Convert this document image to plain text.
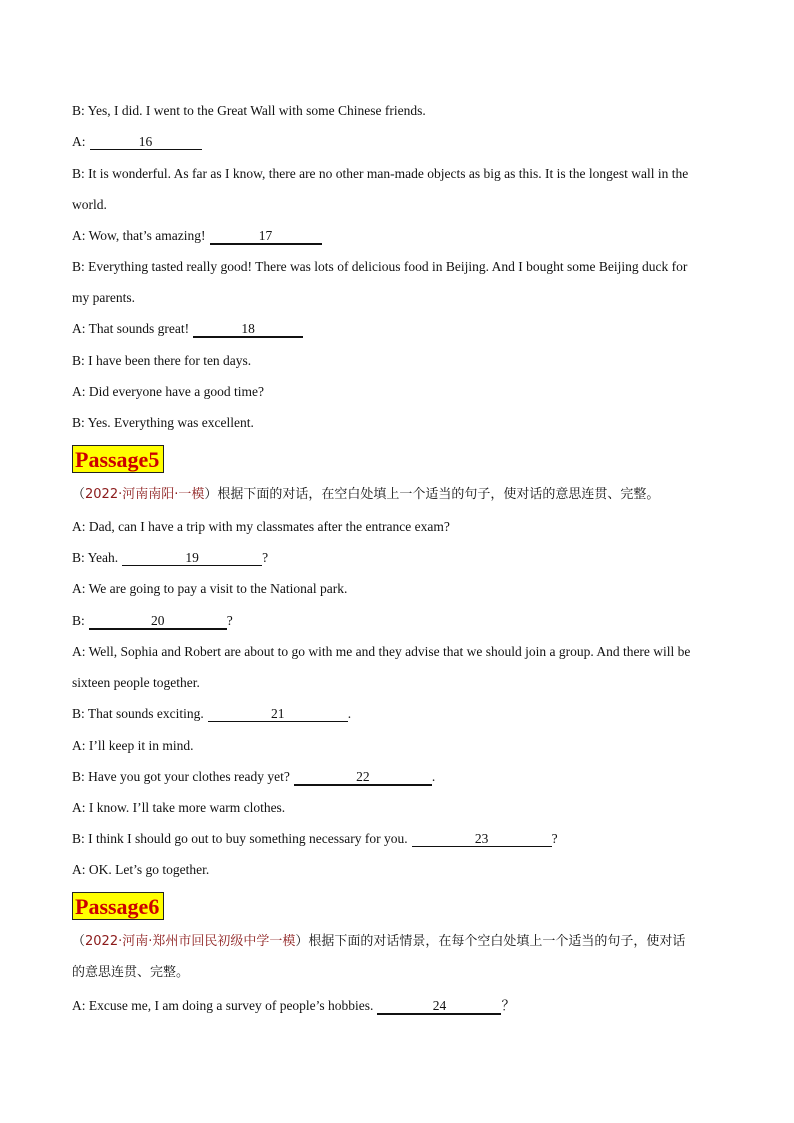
B: Yes, I did. I went to the Great Wall with some Chinese friends.
A:	16
B: It is wonderful. As far as I know, there are no other man-made objects as big as this. It is the longest wall in the
world.
A: Wow, that’s amazing!	17
B: Everything tasted really good! There was lots of delicious food in Beijing. And I bought some Beijing duck for
my parents.
A: That sounds great!	18
B: I have been there for ten days.
A: Did everyone have a good time?
B: Yes. Everything was excellent.
Passage5
（2022·河南南阳·一模）根据下面的对话，在空白处填上一个适当的句子，使对话的意思连贯、完整。
A: Dad, can I have a trip with my classmates after the entrance exam?
B: Yeah.	19	?
A: We are going to pay a visit to the National park.
B:	20	?
A: Well, Sophia and Robert are about to go with me and they advise that we should join a group. And there will be
sixteen people together.
B: That sounds exciting.	21	.
A: I’ll keep it in mind.
B: Have you got your clothes ready yet?	22	.
A: I know. I’ll take more warm clothes.
B: I think I should go out to buy something necessary for you.	23	?
A: OK. Let’s go together.
Passage6
（2022·河南·郑州市回民初级中学一模）根据下面的对话情景，在每个空白处填上一个适当的句子，使对话
的意思连贯、完整。
A: Excuse me, I am doing a survey of people’s hobbies.	24	？
